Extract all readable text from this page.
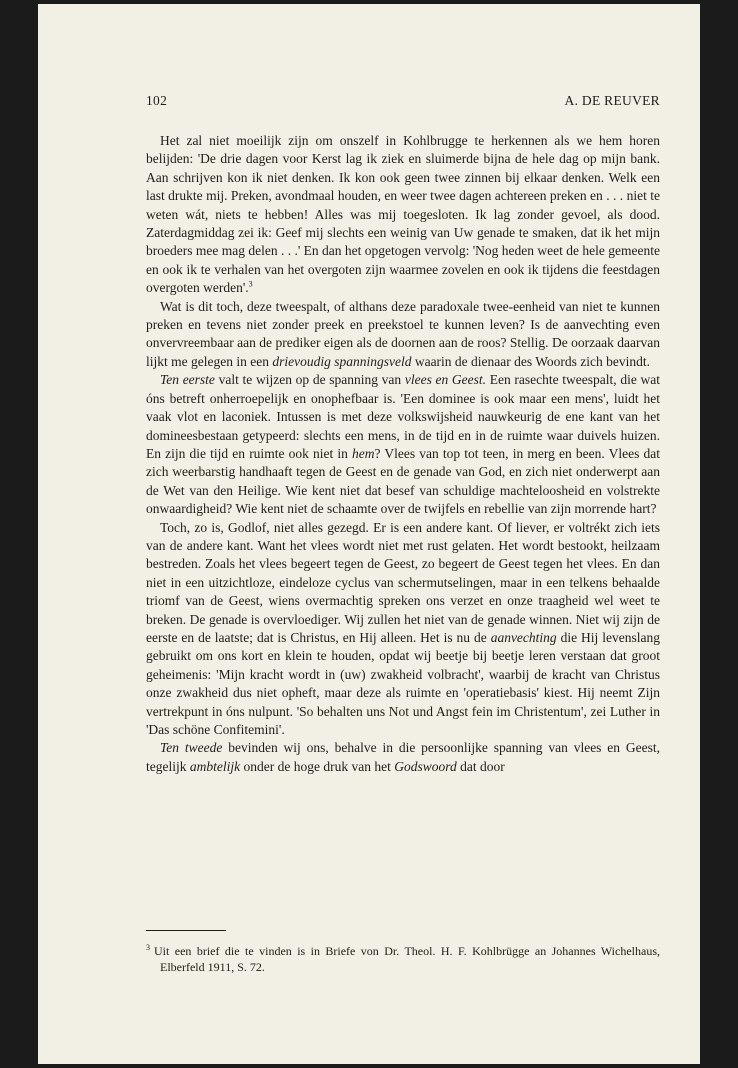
102	A. DE REUVER

Het zal niet moeilijk zijn om onszelf in Kohlbrugge te herkennen als we hem horen belijden: 'De drie dagen voor Kerst lag ik ziek en sluimerde bijna de hele dag op mijn bank. Aan schrijven kon ik niet denken. Ik kon ook geen twee zinnen bij elkaar denken. Welk een last drukte mij. Preken, avondmaal houden, en weer twee dagen achtereen preken en . . . niet te weten wát, niets te hebben! Alles was mij toegesloten. Ik lag zonder gevoel, als dood. Zaterdagmiddag zei ik: Geef mij slechts een weinig van Uw genade te smaken, dat ik het mijn broeders mee mag delen . . .' En dan het opgetogen vervolg: 'Nog heden weet de hele gemeente en ook ik te verhalen van het overgoten zijn waarmee zovelen en ook ik tijdens die feestdagen overgoten werden'.$^3$

Wat is dit toch, deze tweespalt, of althans deze paradoxale twee-eenheid van niet te kunnen preken en tevens niet zonder preek en preekstoel te kunnen leven? Is de aanvechting even onvervreembaar aan de prediker eigen als de doornen aan de roos? Stellig. De oorzaak daarvan lijkt me gelegen in een drievoudig spanningsveld waarin de dienaar des Woords zich bevindt.

Ten eerste valt te wijzen op de spanning van vlees en Geest. Een rasechte tweespalt, die wat óns betreft onherroepelijk en onophefbaar is. 'Een dominee is ook maar een mens', luidt het vaak vlot en laconiek. Intussen is met deze volkswijsheid nauwkeurig de ene kant van het domineesbestaan getypeerd: slechts een mens, in de tijd en in de ruimte waar duivels huizen. En zijn die tijd en ruimte ook niet in hem? Vlees van top tot teen, in merg en been. Vlees dat zich weerbarstig handhaaft tegen de Geest en de genade van God, en zich niet onderwerpt aan de Wet van den Heilige. Wie kent niet dat besef van schuldige machteloosheid en volstrekte onwaardigheid? Wie kent niet de schaamte over de twijfels en rebellie van zijn morrende hart?

Toch, zo is, Godlof, niet alles gezegd. Er is een andere kant. Of liever, er voltrékt zich iets van de andere kant. Want het vlees wordt niet met rust gelaten. Het wordt bestookt, heilzaam bestreden. Zoals het vlees begeert tegen de Geest, zo begeert de Geest tegen het vlees. En dan niet in een uitzichtloze, eindeloze cyclus van schermutselingen, maar in een telkens behaalde triomf van de Geest, wiens overmachtig spreken ons verzet en onze traagheid wel weet te breken. De genade is overvloediger. Wij zullen het niet van de genade winnen. Niet wij zijn de eerste en de laatste; dat is Christus, en Hij alleen. Het is nu de aanvechting die Hij levenslang gebruikt om ons kort en klein te houden, opdat wij beetje bij beetje leren verstaan dat groot geheimenis: 'Mijn kracht wordt in (uw) zwakheid volbracht', waarbij de kracht van Christus onze zwakheid dus niet opheft, maar deze als ruimte en 'operatiebasis' kiest. Hij neemt Zijn vertrekpunt in óns nulpunt. 'So behalten uns Not und Angst fein im Christentum', zei Luther in 'Das schöne Confitemini'.

Ten tweede bevinden wij ons, behalve in die persoonlijke spanning van vlees en Geest, tegelijk ambtelijk onder de hoge druk van het Godswoord dat door

$^3$ Uit een brief die te vinden is in Briefe von Dr. Theol. H. F. Kohlbrügge an Johannes Wichelhaus, Elberfeld 1911, S. 72.
